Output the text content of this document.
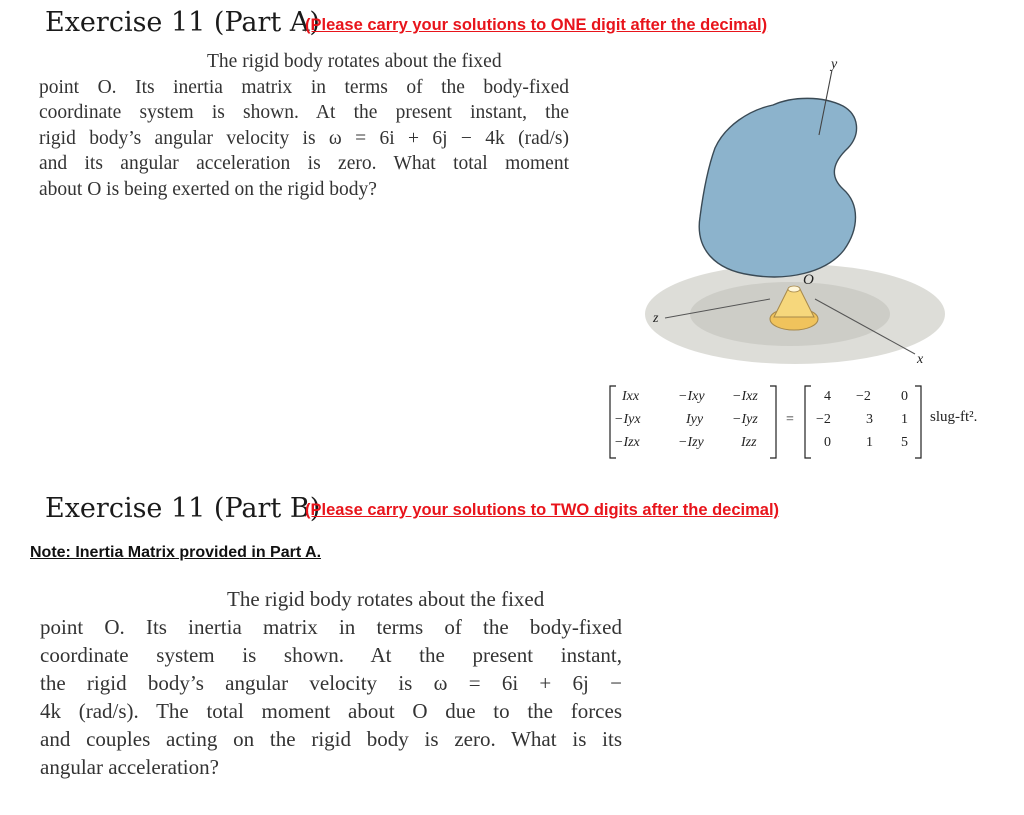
Exercise 11 (Part A)
(Please carry your solutions to ONE digit after the decimal)
The rigid body rotates about the fixed
point O. Its inertia matrix in terms of the body-fixed
coordinate system is shown. At the present instant, the
rigid body’s angular velocity is ω = 6i + 6j − 4k (rad/s)
and its angular acceleration is zero. What total moment
about O is being exerted on the rigid body?
y
O
z
x
Ixx	−Ixy −Ixz
−Iyx	Iyy −Iyz
−Izx	−Izy	Izz
=
4 −2 0
−2	3 1
0	1 5
slug-ft².
Exercise 11 (Part B)
(Please carry your solutions to TWO digits after the decimal)
Note: Inertia Matrix provided in Part A.
The rigid body rotates about the fixed
point O. Its inertia matrix in terms of the body-fixed
coordinate system is shown. At the present instant,
the rigid body’s angular velocity is ω = 6i + 6j −
4k (rad/s). The total moment about O due to the forces
and couples acting on the rigid body is zero. What is its
angular acceleration?
